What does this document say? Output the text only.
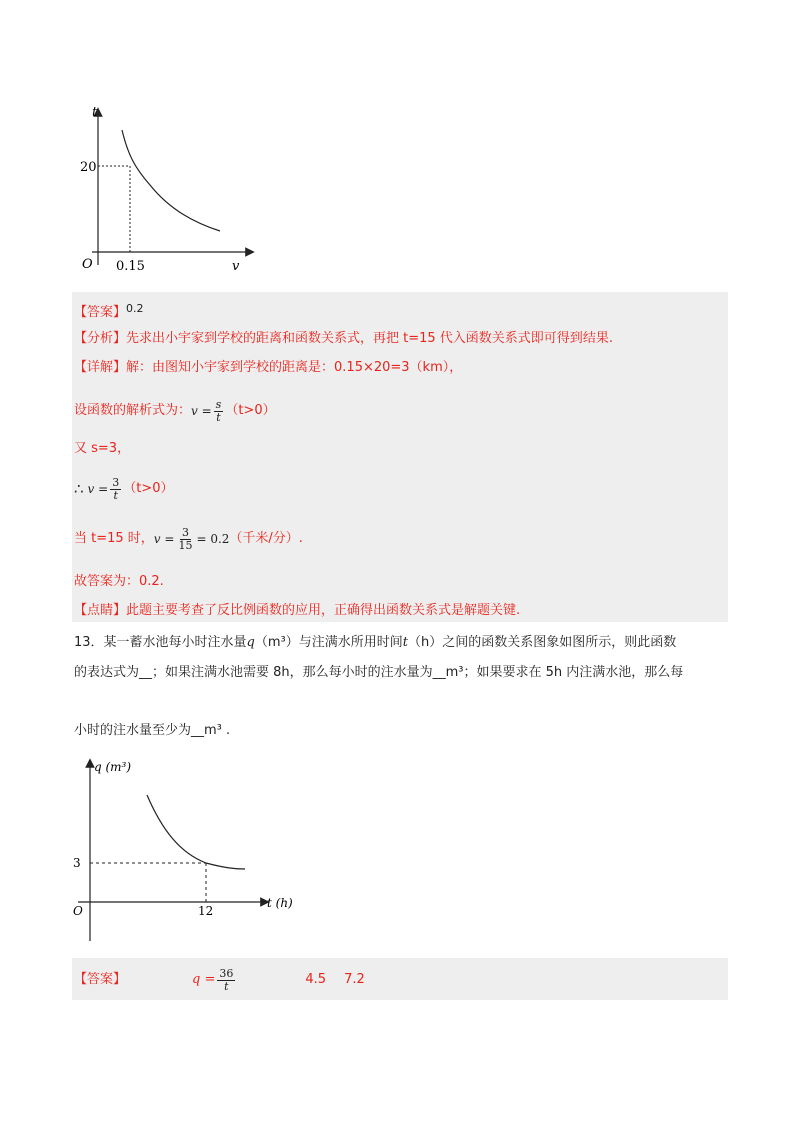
t
v
O
20
0.15
【答案】$^{0.2}$
【分析】先求出小宇家到学校的距离和函数关系式，再把 t=15 代入函数关系式即可得到结果.
【详解】解：由图知小宇家到学校的距离是：0.15×20=3（km），
设函数的解析式为： $v = \frac{s}{t} (t>0)$
又 s=3，
∴ $v = \frac{3}{t} (t>0)$
当 t=15 时， $v = \frac{3}{15} = 0.2$ （千米/分）.
故答案为：0.2.
【点睛】此题主要考查了反比例函数的应用，正确得出函数关系式是解题关键.
13．某一蓄水池每小时注水量q（m³）与注满水所用时间t（h）之间的函数关系图象如图所示，则此函数
的表达式为__；如果注满水池需要 8h，那么每小时的注水量为__m³；如果要求在 5h 内注满水池，那么每
小时的注水量至少为__m³ .
q (m³)
t (h)
O
3
12
【答案】	$q = \frac{36}{t}$	4.5 7.2
